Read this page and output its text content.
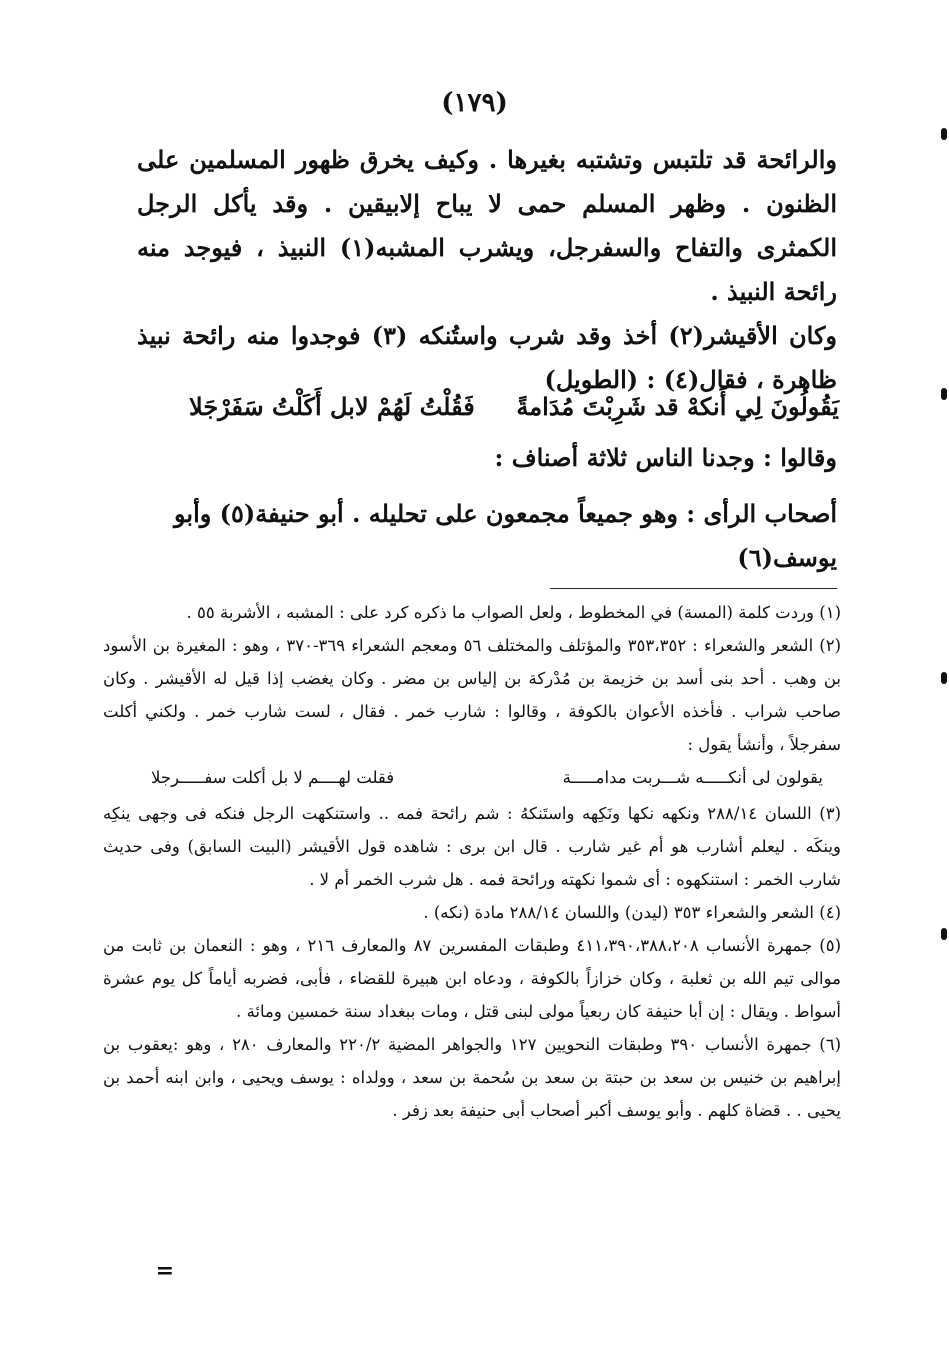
(١٧٩)

والرائحة قد تلتبس وتشتبه بغيرها . وكيف يخرق ظهور المسلمين على الظنون . وظهر المسلم حمى لا يباح إلابيقين . وقد يأكل الرجل الكمثرى والتفاح والسفرجل، ويشرب المشبه(١) النبيذ ، فيوجد منه رائحة النبيذ .

وكان الأقيشر(٢) أخذ وقد شرب واستُنكه (٣) فوجدوا منه رائحة نبيذ ظاهرة ، فقال(٤) : (الطويل)

يَقُولُونَ لِي أَنكهْ قد شَرِبْتَ مُدَامةً
فَقُلْتُ لَهُمْ لابل أَكَلْتُ سَفَرْجَلا

وقالوا : وجدنا الناس ثلاثة أصناف :

أصحاب الرأى : وهو جميعاً مجمعون على تحليله . أبو حنيفة(٥) وأبو يوسف(٦)

(١) وردت كلمة (المسة) في المخطوط ، ولعل الصواب ما ذكره كرد على : المشبه ، الأشربة ٥٥ .

(٢) الشعر والشعراء : ٣٥٣،٣٥٢ والمؤتلف والمختلف ٥٦ ومعجم الشعراء ٣٦٩-٣٧٠ ، وهو : المغيرة بن الأسود بن وهب . أحد بنى أسد بن خزيمة بن مُدْركة بن إلياس بن مضر . وكان يغضب إذا قيل له الأقيشر . وكان صاحب شراب . فأخذه الأعوان بالكوفة ، وقالوا : شارب خمر . فقال ، لست شارب خمر . ولكني أكلت سفرجلاً ، وأنشأ يقول :

يقولون لى أنكـــــه شـــربت مدامـــــة
فقلت لهــــم لا بل أكلت سفـــــرجلا

(٣) اللسان ٢٨٨/١٤ ونكهه نكها ونَكِهه واستَنكهُ : شم رائحة فمه .. واستنكهت الرجل فنكه فى وجهى ينكِه وينكَه . ليعلم أشارب هو أم غير شارب . قال ابن برى : شاهده قول الأقيشر (البيت السابق) وفى حديث شارب الخمر : استنكهوه : أى شموا نكهته ورائحة فمه . هل شرب الخمر أم لا .

(٤) الشعر والشعراء ٣٥٣ (ليدن) واللسان ٢٨٨/١٤ مادة (نكه) .

(٥) جمهرة الأنساب ٤١١،٣٩٠،٣٨٨،٢٠٨ وطبقات المفسرين ٨٧ والمعارف ٢١٦ ، وهو : النعمان بن ثابت من موالى تيم الله بن ثعلبة ، وكان خزازاً بالكوفة ، ودعاه ابن هبيرة للقضاء ، فأبى، فضربه أياماً كل يوم عشرة أسواط . ويقال : إن أبا حنيفة كان ربعياً مولى لبنى قتل ، ومات ببغداد سنة خمسين ومائة .

(٦) جمهرة الأنساب ٣٩٠ وطبقات النحويين ١٢٧ والجواهر المضية ٢٢٠/٢ والمعارف ٢٨٠ ، وهو :يعقوب بن إبراهيم بن خنيس بن سعد بن حبتة بن سعد بن سُحمة بن سعد ، وولداه : يوسف ويحيى ، وابن ابنه أحمد بن يحيى . . قضاة كلهم . وأبو يوسف أكبر أصحاب أبى حنيفة بعد زفر .

=
